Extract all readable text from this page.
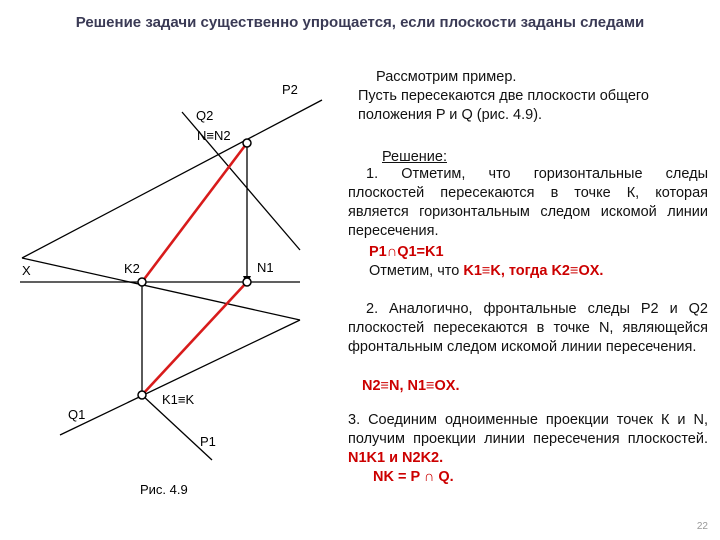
Решение задачи существенно упрощается, если плоскости заданы следами
P2
Q2
N≡N2
X	K2	N1
K1≡K
Q1
P1
Рис. 4.9
Рассмотрим пример.
Пусть пересекаются две плоскости общего
положения P и Q (рис. 4.9).
Решение:
1. Отметим, что горизонтальные следы плоскостей пересекаются в точке К, которая является горизонтальным следом искомой линии пересечения.
P1∩Q1=K1
Отметим, что K1≡K, тогда K2≡OX.
2. Аналогично, фронтальные следы P2 и Q2 плоскостей пересекаются в точке N, являющейся фронтальным следом искомой линии пересечения.
N2≡N, N1≡OX.
3. Соединим одноименные проекции точек К и N, получим проекции линии пересечения плоскостей. N1K1 и N2K2.
NK = P ∩ Q.
22
